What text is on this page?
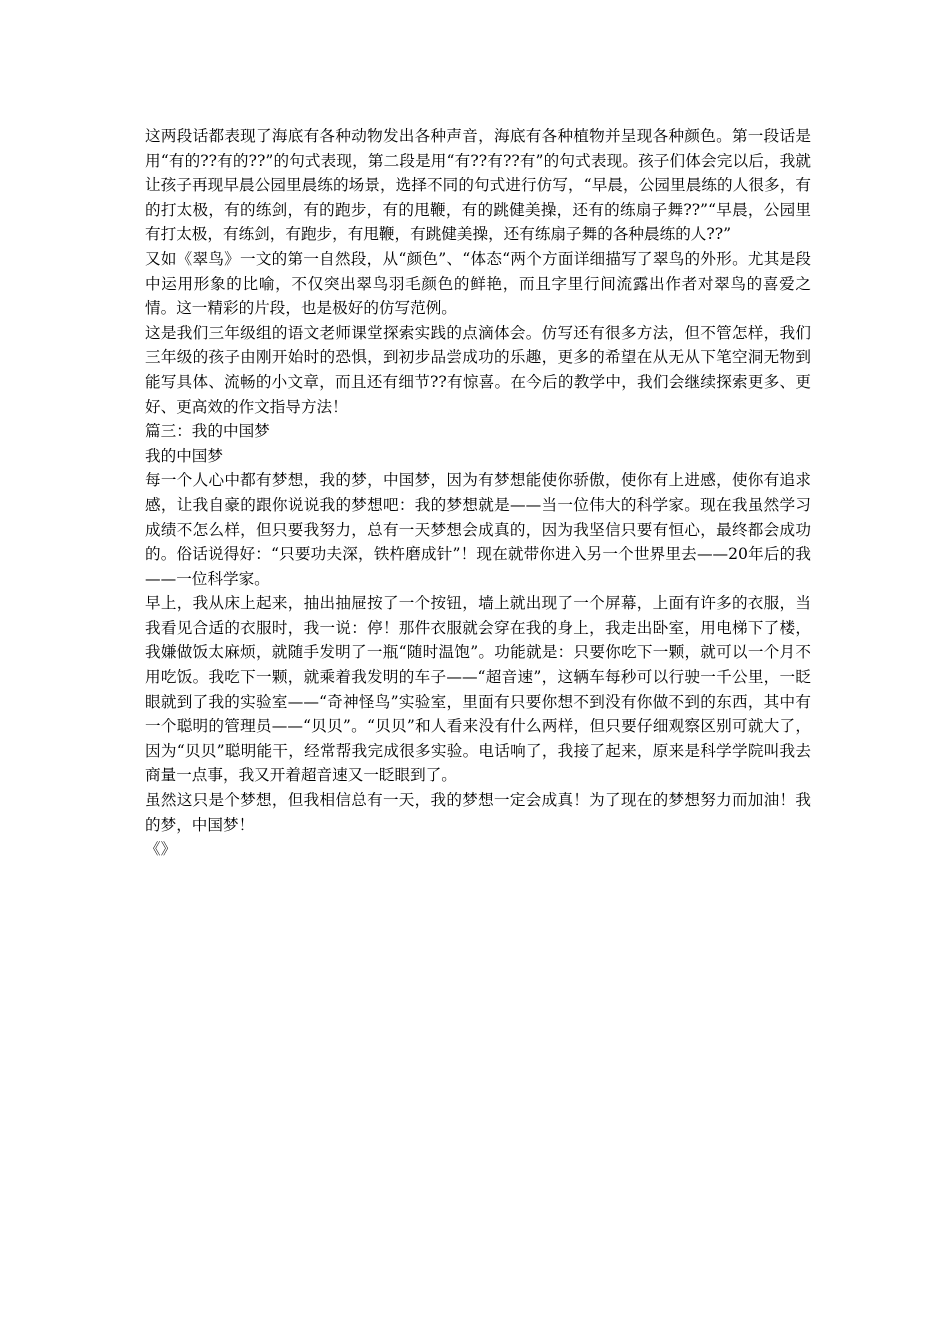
这两段话都表现了海底有各种动物发出各种声音，海底有各种植物并呈现各种颜色。第一段话是用“有的??有的??”的句式表现，第二段是用“有??有??有”的句式表现。孩子们体会完以后，我就让孩子再现早晨公园里晨练的场景，选择不同的句式进行仿写，“早晨，公园里晨练的人很多，有的打太极，有的练剑，有的跑步，有的甩鞭，有的跳健美操，还有的练扇子舞??”“早晨，公园里有打太极，有练剑，有跑步，有甩鞭，有跳健美操，还有练扇子舞的各种晨练的人??”

又如《翠鸟》一文的第一自然段，从“颜色”、“体态“两个方面详细描写了翠鸟的外形。尤其是段中运用形象的比喻，不仅突出翠鸟羽毛颜色的鲜艳，而且字里行间流露出作者对翠鸟的喜爱之情。这一精彩的片段，也是极好的仿写范例。

这是我们三年级组的语文老师课堂探索实践的点滴体会。仿写还有很多方法，但不管怎样，我们三年级的孩子由刚开始时的恐惧，到初步品尝成功的乐趣，更多的希望在从无从下笔空洞无物到能写具体、流畅的小文章，而且还有细节??有惊喜。在今后的教学中，我们会继续探索更多、更好、更高效的作文指导方法！

篇三：我的中国梦

我的中国梦

每一个人心中都有梦想，我的梦，中国梦，因为有梦想能使你骄傲，使你有上进感，使你有追求感，让我自豪的跟你说说我的梦想吧：我的梦想就是——当一位伟大的科学家。现在我虽然学习成绩不怎么样，但只要我努力，总有一天梦想会成真的，因为我坚信只要有恒心，最终都会成功的。俗话说得好：“只要功夫深，铁杵磨成针”！现在就带你进入另一个世界里去——20年后的我——一位科学家。

早上，我从床上起来，抽出抽屉按了一个按钮，墙上就出现了一个屏幕，上面有许多的衣服，当我看见合适的衣服时，我一说：停！那件衣服就会穿在我的身上，我走出卧室，用电梯下了楼，我嫌做饭太麻烦，就随手发明了一瓶“随时温饱”。功能就是：只要你吃下一颗，就可以一个月不用吃饭。我吃下一颗，就乘着我发明的车子——“超音速”，这辆车每秒可以行驶一千公里，一眨眼就到了我的实验室——“奇神怪鸟”实验室，里面有只要你想不到没有你做不到的东西，其中有一个聪明的管理员——“贝贝”。“贝贝”和人看来没有什么两样，但只要仔细观察区别可就大了，因为“贝贝”聪明能干，经常帮我完成很多实验。电话响了，我接了起来，原来是科学学院叫我去商量一点事，我又开着超音速又一眨眼到了。

虽然这只是个梦想，但我相信总有一天，我的梦想一定会成真！为了现在的梦想努力而加油！我的梦，中国梦！

《》
